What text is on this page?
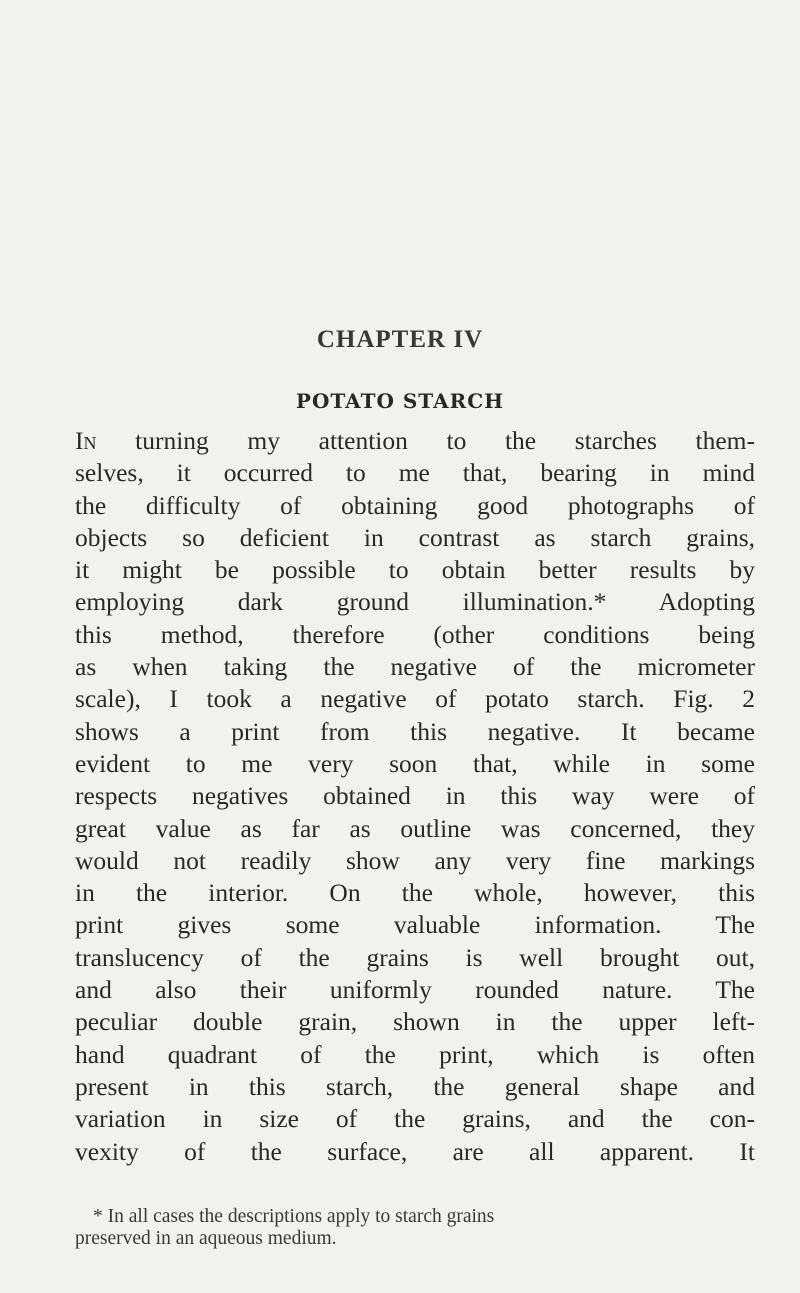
CHAPTER IV
POTATO STARCH
In turning my attention to the starches them-
selves, it occurred to me that, bearing in mind
the difficulty of obtaining good photographs of
objects so deficient in contrast as starch grains,
it might be possible to obtain better results by
employing dark ground illumination.* Adopting
this method, therefore (other conditions being
as when taking the negative of the micrometer
scale), I took a negative of potato starch. Fig. 2
shows a print from this negative. It became
evident to me very soon that, while in some
respects negatives obtained in this way were of
great value as far as outline was concerned, they
would not readily show any very fine markings
in the interior. On the whole, however, this
print gives some valuable information. The
translucency of the grains is well brought out,
and also their uniformly rounded nature. The
peculiar double grain, shown in the upper left-
hand quadrant of the print, which is often
present in this starch, the general shape and
variation in size of the grains, and the con-
vexity of the surface, are all apparent. It
* In all cases the descriptions apply to starch grains
preserved in an aqueous medium.
